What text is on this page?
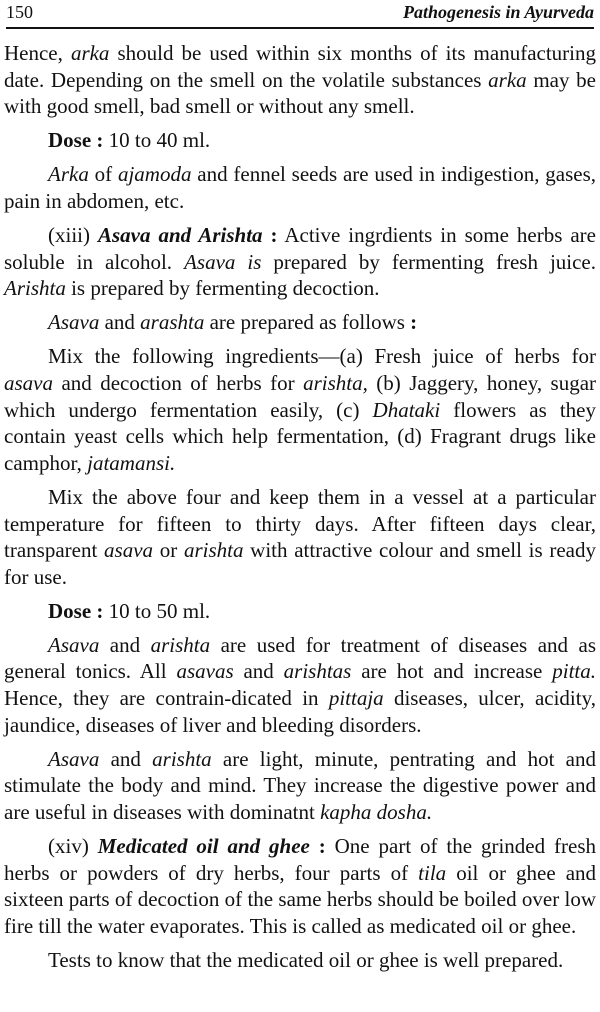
150	Pathogenesis in Ayurveda

Hence, arka should be used within six months of its manufacturing date. Depending on the smell on the volatile substances arka may be with good smell, bad smell or without any smell.

Dose : 10 to 40 ml.

Arka of ajamoda and fennel seeds are used in indigestion, gases, pain in abdomen, etc.

(xiii) Asava and Arishta : Active ingrdients in some herbs are soluble in alcohol. Asava is prepared by fermenting fresh juice. Arishta is prepared by fermenting decoction.

Asava and arashta are prepared as follows :

Mix the following ingredients—(a) Fresh juice of herbs for asava and decoction of herbs for arishta, (b) Jaggery, honey, sugar which undergo fermentation easily, (c) Dhataki flowers as they contain yeast cells which help fermentation, (d) Fragrant drugs like camphor, jatamansi.

Mix the above four and keep them in a vessel at a particular temperature for fifteen to thirty days. After fifteen days clear, transparent asava or arishta with attractive colour and smell is ready for use.

Dose : 10 to 50 ml.

Asava and arishta are used for treatment of diseases and as general tonics. All asavas and arishtas are hot and increase pitta. Hence, they are contrain-dicated in pittaja diseases, ulcer, acidity, jaundice, diseases of liver and bleeding disorders.

Asava and arishta are light, minute, pentrating and hot and stimulate the body and mind. They increase the digestive power and are useful in diseases with dominatnt kapha dosha.

(xiv) Medicated oil and ghee : One part of the grinded fresh herbs or powders of dry herbs, four parts of tila oil or ghee and sixteen parts of decoction of the same herbs should be boiled over low fire till the water evaporates. This is called as medicated oil or ghee.

Tests to know that the medicated oil or ghee is well prepared.
